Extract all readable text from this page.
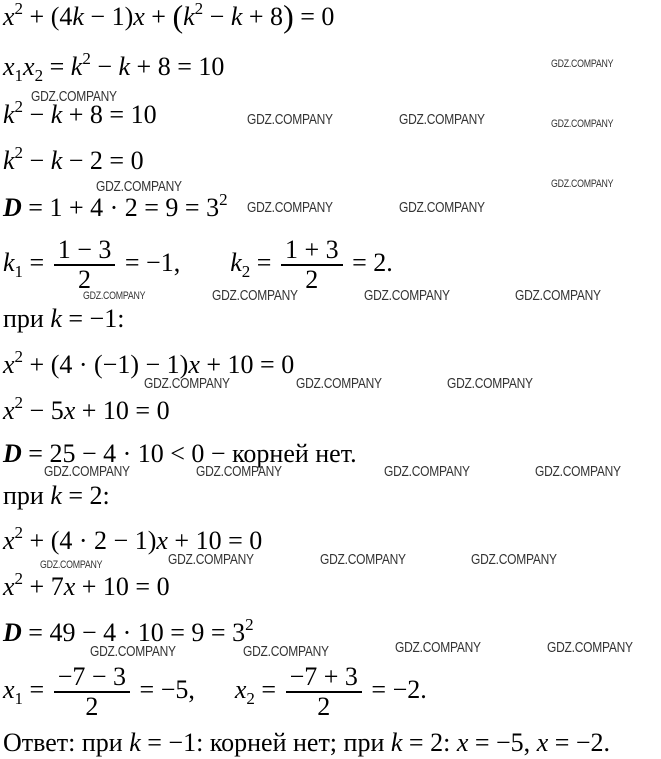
$x^2 + (4k - 1)x + (k^2 - k + 8) = 0$
$x_1x_2 = k^2 - k + 8 = 10$
$k^2 - k + 8 = 10$
$k^2 - k - 2 = 0$
$D = 1 + 4 \cdot 2 = 9 = 3^2$
$k_1 = \frac{1 - 3}{2} = -1$, $k_2 = \frac{1 + 3}{2} = 2$.
при k = −1:
$x^2 + (4 \cdot (-1) - 1)x + 10 = 0$
$x^2 - 5x + 10 = 0$
D = 25 − 4 · 10 < 0 − корней нет.
при k = 2:
$x^2 + (4 \cdot 2 - 1)x + 10 = 0$
$x^2 + 7x + 10 = 0$
$D = 49 - 4 \cdot 10 = 9 = 3^2$
$x_1 = \frac{-7 - 3}{2} = -5$, $x_2 = \frac{-7 + 3}{2} = -2$.
Ответ: при k = −1: корней нет; при k = 2: x = −5, x = −2.
GDZ.COMPANY
GDZ.COMPANY
GDZ.COMPANY	GDZ.COMPANY	GDZ.COMPANY
GDZ.COMPANY	GDZ.COMPANY
GDZ.COMPANY	GDZ.COMPANY
GDZ.COMPANY	GDZ.COMPANY	GDZ.COMPANY	GDZ.COMPANY
GDZ.COMPANY	GDZ.COMPANY	GDZ.COMPANY
GDZ.COMPANY	GDZ.COMPANY	GDZ.COMPANY	GDZ.COMPANY
GDZ.COMPANY	GDZ.COMPANY	GDZ.COMPANY	GDZ.COMPANY
GDZ.COMPANY	GDZ.COMPANY	GDZ.COMPANY	GDZ.COMPANY
